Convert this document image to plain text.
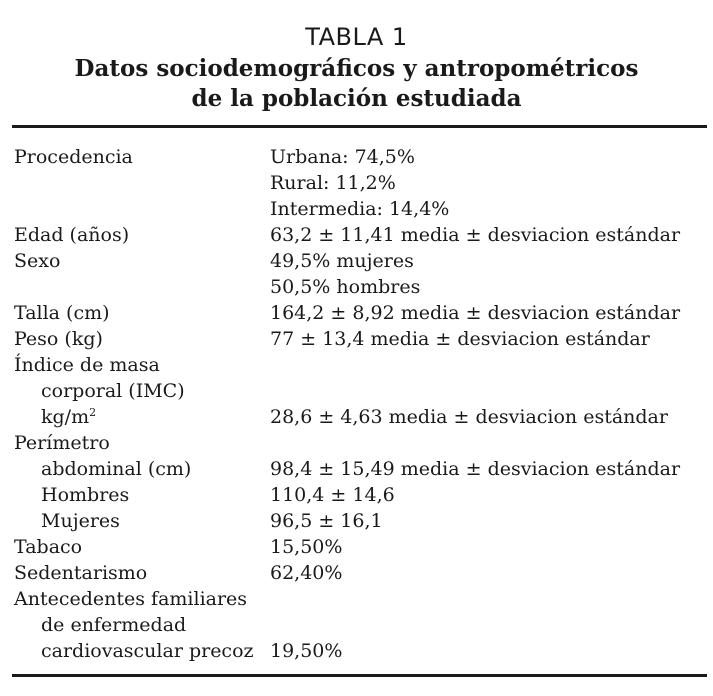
TABLA 1
Datos sociodemográficos y antropométricos
de la población estudiada
Procedencia	Urbana: 74,5%
Rural: 11,2%
Intermedia: 14,4%
Edad (años)	63,2 ± 11,41 media ± desviacion estándar
Sexo	49,5% mujeres
50,5% hombres
Talla (cm)	164,2 ± 8,92 media ± desviacion estándar
Peso (kg)	77 ± 13,4 media ± desviacion estándar
Índice de masa
corporal (IMC)
$kg/m^2$	28,6 ± 4,63 media ± desviacion estándar
Perímetro
abdominal (cm)	98,4 ± 15,49 media ± desviacion estándar
Hombres	110,4 ± 14,6
Mujeres	96,5 ± 16,1
Tabaco	15,50%
Sedentarismo	62,40%
Antecedentes familiares
de enfermedad
cardiovascular precoz 19,50%
